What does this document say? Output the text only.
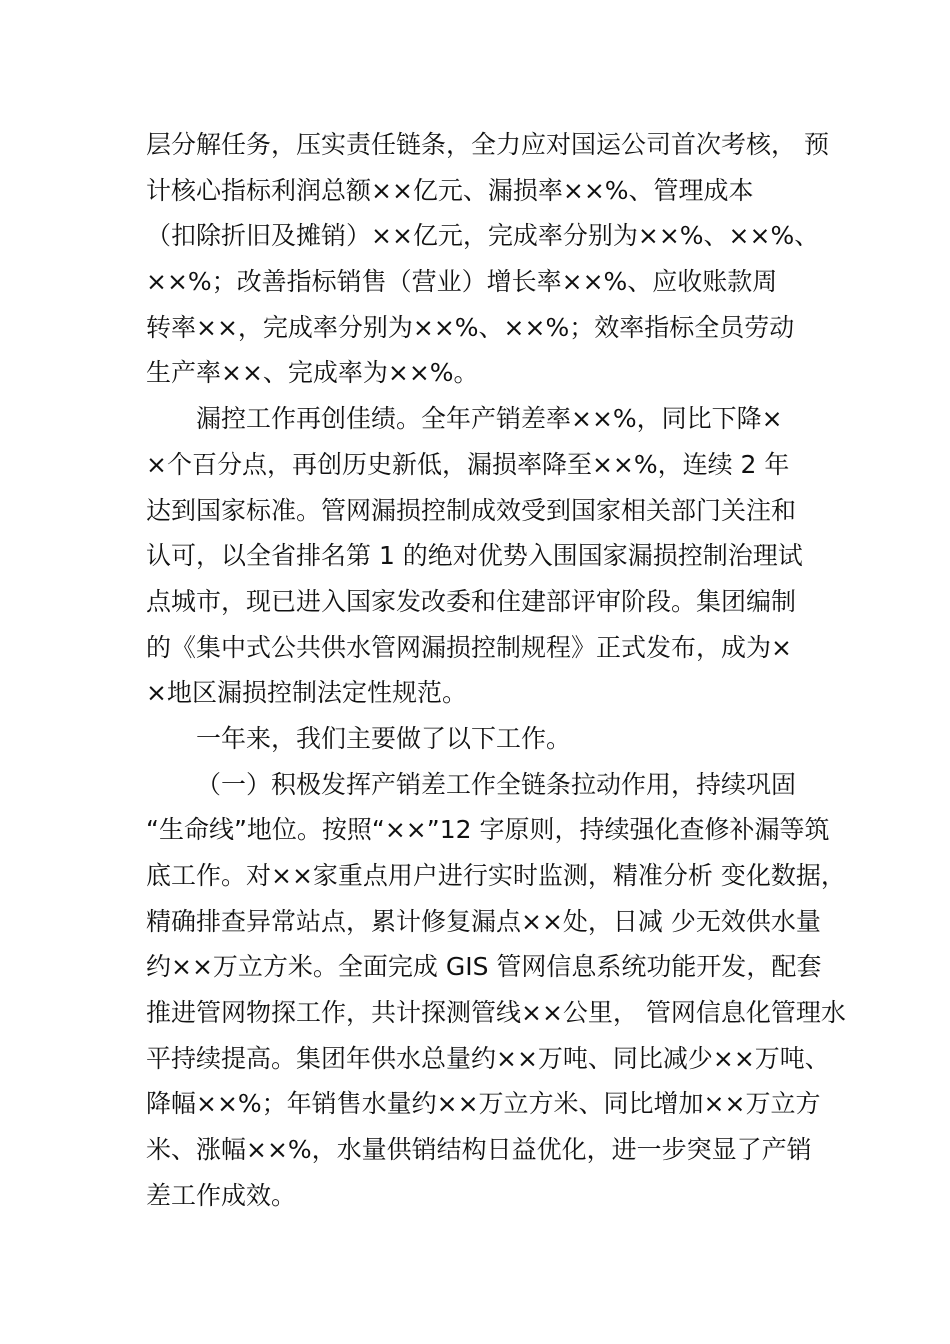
层分解任务，压实责任链条，全力应对国运公司首次考核， 预
计核心指标利润总额××亿元、漏损率××%、管理成本
（扣除折旧及摊销）××亿元，完成率分别为××%、××%、
××%；改善指标销售（营业）增长率××%、应收账款周
转率××，完成率分别为××%、××%；效率指标全员劳动
生产率××、完成率为××%。
漏控工作再创佳绩。全年产销差率××%，同比下降×
×个百分点，再创历史新低，漏损率降至××%，连续 2 年
达到国家标准。管网漏损控制成效受到国家相关部门关注和
认可，以全省排名第 1 的绝对优势入围国家漏损控制治理试
点城市，现已进入国家发改委和住建部评审阶段。集团编制
的《集中式公共供水管网漏损控制规程》正式发布，成为×
×地区漏损控制法定性规范。
一年来，我们主要做了以下工作。
（一）积极发挥产销差工作全链条拉动作用，持续巩固
“生命线”地位。按照“××”12 字原则，持续强化查修补漏等筑
底工作。对××家重点用户进行实时监测，精准分析 变化数据，
精确排查异常站点，累计修复漏点××处，日减 少无效供水量
约××万立方米。全面完成 GIS 管网信息系统功能开发，配套
推进管网物探工作，共计探测管线××公里， 管网信息化管理水
平持续提高。集团年供水总量约××万吨、同比减少××万吨、
降幅××%；年销售水量约××万立方米、同比增加××万立方
米、涨幅××%，水量供销结构日益优化，进一步突显了产销
差工作成效。
